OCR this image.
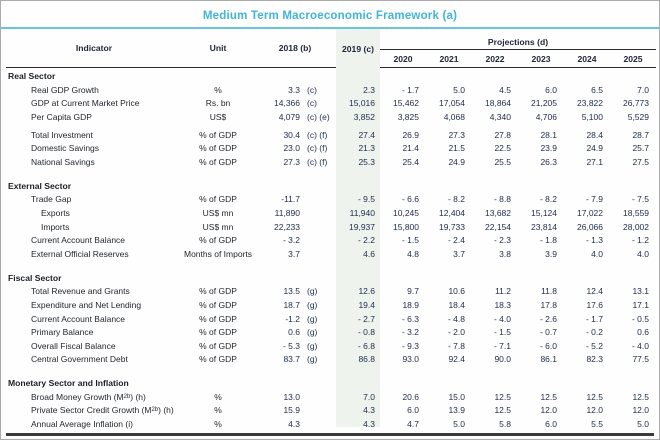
Medium Term Macroeconomic Framework (a)
Indicator	Unit	2018 (b)	2019 (c)
Projections (d)
2020	2021	2022	2023	2024	2025
Real Sector
Real GDP Growth	%	3.3 (c)	2.3	- 1.7	5.0	4.5	6.0	6.5	7.0
GDP at Current Market Price	Rs. bn	14,366 (c)	15,016	15,462	17,054	18,864	21,205	23,822	26,773
Per Capita GDP	US$	4,079 (c) (e)	3,852	3,825	4,068	4,340	4,706	5,100	5,529
Total Investment	% of GDP	30.4 (c) (f)	27.4	26.9	27.3	27.8	28.1	28.4	28.7
Domestic Savings	% of GDP	23.0 (c) (f)	21.3	21.4	21.5	22.5	23.9	24.9	25.7
National Savings	% of GDP	27.3 (c) (f)	25.3	25.4	24.9	25.5	26.3	27.1	27.5
External Sector
Trade Gap	% of GDP	-11.7	- 9.5	- 6.6	- 8.2	- 8.8	- 8.2	- 7.9	- 7.5
Exports	US$ mn	11,890	11,940	10,245	12,404	13,682	15,124	17,022	18,559
Imports	US$ mn	22,233	19,937	15,800	19,733	22,154	23,814	26,066	28,002
Current Account Balance	% of GDP	- 3.2	- 2.2	- 1.5	- 2.4	- 2.3	- 1.8	- 1.3	- 1.2
External Official Reserves	Months of Imports	3.7	4.6	4.8	3.7	3.8	3.9	4.0	4.0
Fiscal Sector
Total Revenue and Grants	% of GDP	13.5 (g)	12.6	9.7	10.6	11.2	11.8	12.4	13.1
Expenditure and Net Lending	% of GDP	18.7 (g)	19.4	18.9	18.4	18.3	17.8	17.6	17.1
Current Account Balance	% of GDP	-1.2 (g)	- 2.7	- 6.3	- 4.8	- 4.0	- 2.6	- 1.7	- 0.5
Primary Balance	% of GDP	0.6 (g)	- 0.8	- 3.2	- 2.0	- 1.5	- 0.7	- 0.2	0.6
Overall Fiscal Balance	% of GDP	- 5.3 (g)	- 6.8	- 9.3	- 7.8	- 7.1	- 6.0	- 5.2	- 4.0
Central Government Debt	% of GDP	83.7 (g)	86.8	93.0	92.4	90.0	86.1	82.3	77.5
Monetary Sector and Inflation
Broad Money Growth (M 2b ) (h)	%	13.0	7.0	20.6	15.0	12.5	12.5	12.5	12.5
Private Sector Credit Growth (M 2b ) (h)	%	15.9	4.3	6.0	13.9	12.5	12.0	12.0	12.0
Annual Average Inflation (i)	%	4.3	4.3	4.7	5.0	5.8	6.0	5.5	5.0
